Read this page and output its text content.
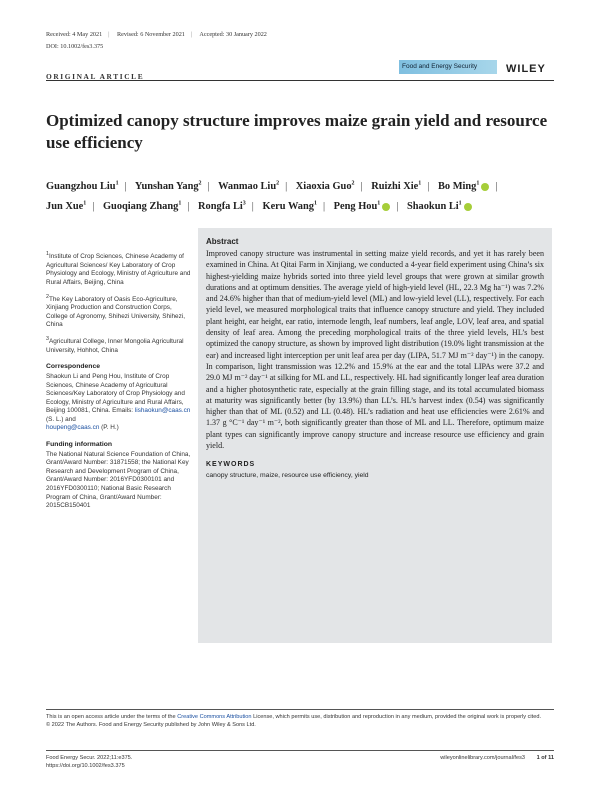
Received: 4 May 2021 | Revised: 6 November 2021 | Accepted: 30 January 2022
DOI: 10.1002/fes3.375
ORIGINAL ARTICLE
Food and Energy Security	WILEY
Optimized canopy structure improves maize grain yield and resource use efficiency
Guangzhou Liu$^1$ | Yunshan Yang$^2$ | Wanmao Liu$^2$ | Xiaoxia Guo$^2$ | Ruizhi Xie$^1$ | Bo Ming$^1$ | Jun Xue$^1$ | Guoqiang Zhang$^1$ | Rongfa Li$^3$ | Keru Wang$^1$ | Peng Hou$^1$ | Shaokun Li$^1$
$^1$Institute of Crop Sciences, Chinese Academy of Agricultural Sciences/ Key Laboratory of Crop Physiology and Ecology, Ministry of Agriculture and Rural Affairs, Beijing, China
$^2$The Key Laboratory of Oasis Eco-Agriculture, Xinjiang Production and Construction Corps, College of Agronomy, Shihezi University, Shihezi, China
$^3$Agricultural College, Inner Mongolia Agricultural University, Hohhot, China
Correspondence
Shaokun Li and Peng Hou, Institute of Crop Sciences, Chinese Academy of Agricultural Sciences/Key Laboratory of Crop Physiology and Ecology, Ministry of Agriculture and Rural Affairs, Beijing 100081, China. Emails: lishaokun@caas.cn (S. L.) and
houpeng@caas.cn (P. H.)
Funding information
The National Natural Science Foundation of China, Grant/Award Number: 31871558; the National Key Research and Development Program of China, Grant/Award Number: 2016YFD0300101 and 2016YFD0300110; National Basic Research Program of China, Grant/Award Number: 2015CB150401
Abstract
Improved canopy structure was instrumental in setting maize yield records, and yet it has rarely been examined in China. At Qitai Farm in Xinjiang, we conducted a 4-year field experiment using China’s six highest-yielding maize hybrids sorted into three yield level groups that were grown at similar growth durations and at optimum densities. The average yield of high-yield level (HL, 22.3 Mg ha⁻¹) was 7.2% and 24.6% higher than that of medium-yield level (ML) and low-yield level (LL), respectively. For each yield level, we measured morphological traits that influence canopy structure and yield. They included plant height, ear height, ear ratio, internode length, leaf numbers, leaf angle, LOV, leaf area, and spatial density of leaf area. Among the preceding morphological traits of the three yield levels, HL’s best optimized the canopy structure, as shown by improved light distribution (19.0% light transmission at the ear) and increased light interception per unit leaf area per day (LIPA, 51.7 MJ m⁻² day⁻¹) in the canopy. In comparison, light transmission was 12.2% and 15.9% at the ear and the total LIPAs were 37.2 and 29.0 MJ m⁻² day⁻¹ at silking for ML and LL, respectively. HL had significantly longer leaf area duration and a higher photosynthetic rate, especially at the grain filling stage, and its total accumulated biomass at maturity was significantly better (by 13.9%) than LL’s. HL’s harvest index (0.54) was significantly higher than that of ML (0.52) and LL (0.48). HL’s radiation and heat use efficiencies were 2.61% and 1.37 g °C⁻¹ day⁻¹ m⁻², both significantly greater than those of ML and LL. Therefore, optimum maize plant types can significantly improve canopy structure and increase resource use efficiency and grain yield.
KEYWORDS
canopy structure, maize, resource use efficiency, yield
This is an open access article under the terms of the Creative Commons Attribution License, which permits use, distribution and reproduction in any medium, provided the original work is properly cited.
© 2022 The Authors. Food and Energy Security published by John Wiley & Sons Ltd.
Food Energy Secur. 2022;11:e375.
https://doi.org/10.1002/fes3.375
wileyonlinelibrary.com/journal/fes3 1 of 11
